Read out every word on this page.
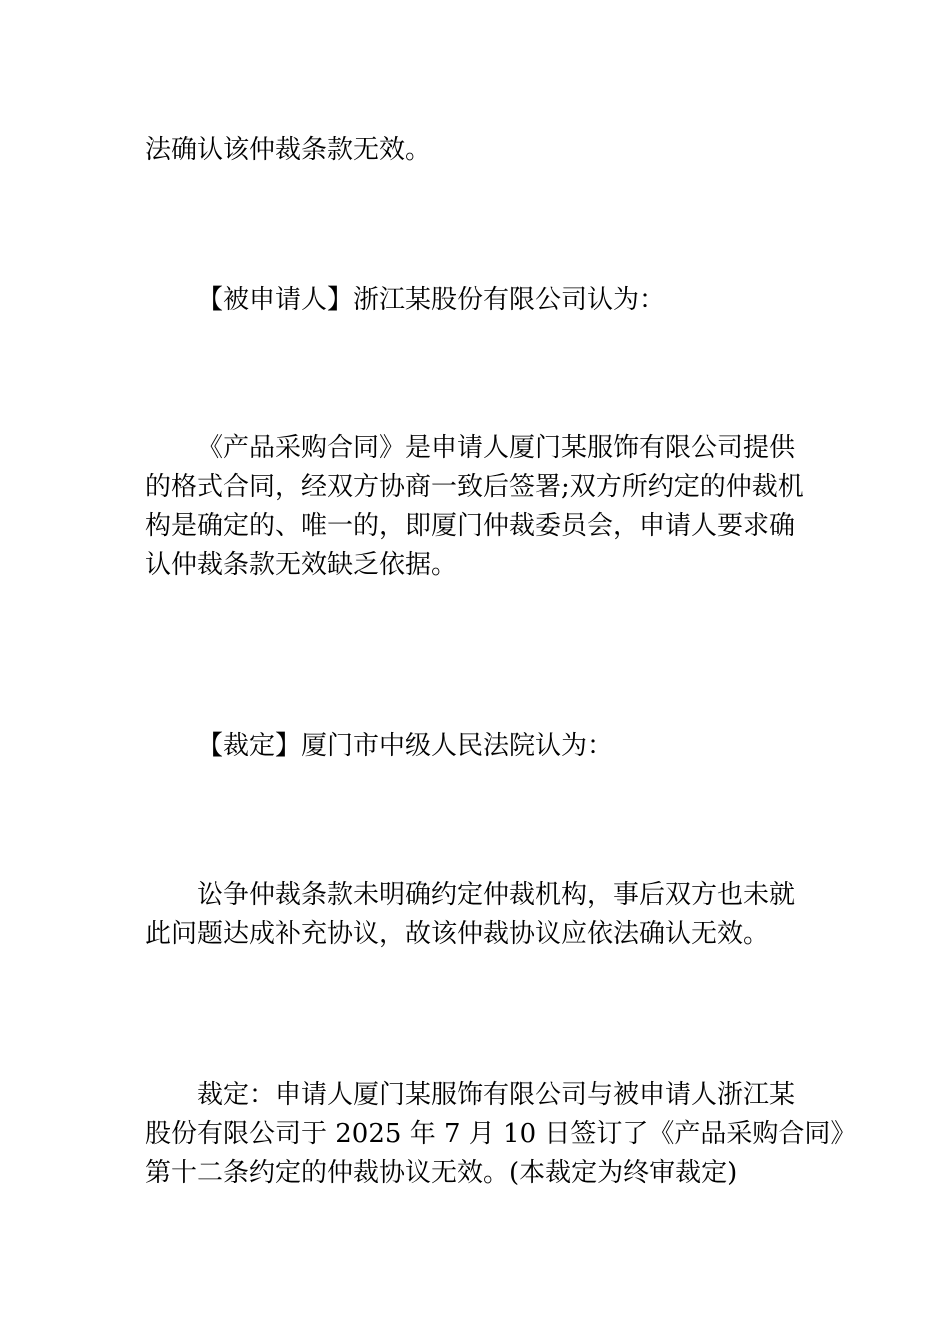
法确认该仲裁条款无效。

【被申请人】浙江某股份有限公司认为：

《产品采购合同》是申请人厦门某服饰有限公司提供
的格式合同，经双方协商一致后签署;双方所约定的仲裁机
构是确定的、唯一的，即厦门仲裁委员会，申请人要求确
认仲裁条款无效缺乏依据。

【裁定】厦门市中级人民法院认为：

讼争仲裁条款未明确约定仲裁机构，事后双方也未就
此问题达成补充协议，故该仲裁协议应依法确认无效。

裁定：申请人厦门某服饰有限公司与被申请人浙江某
股份有限公司于 2025 年 7 月 10 日签订了《产品采购合同》
第十二条约定的仲裁协议无效。(本裁定为终审裁定)
